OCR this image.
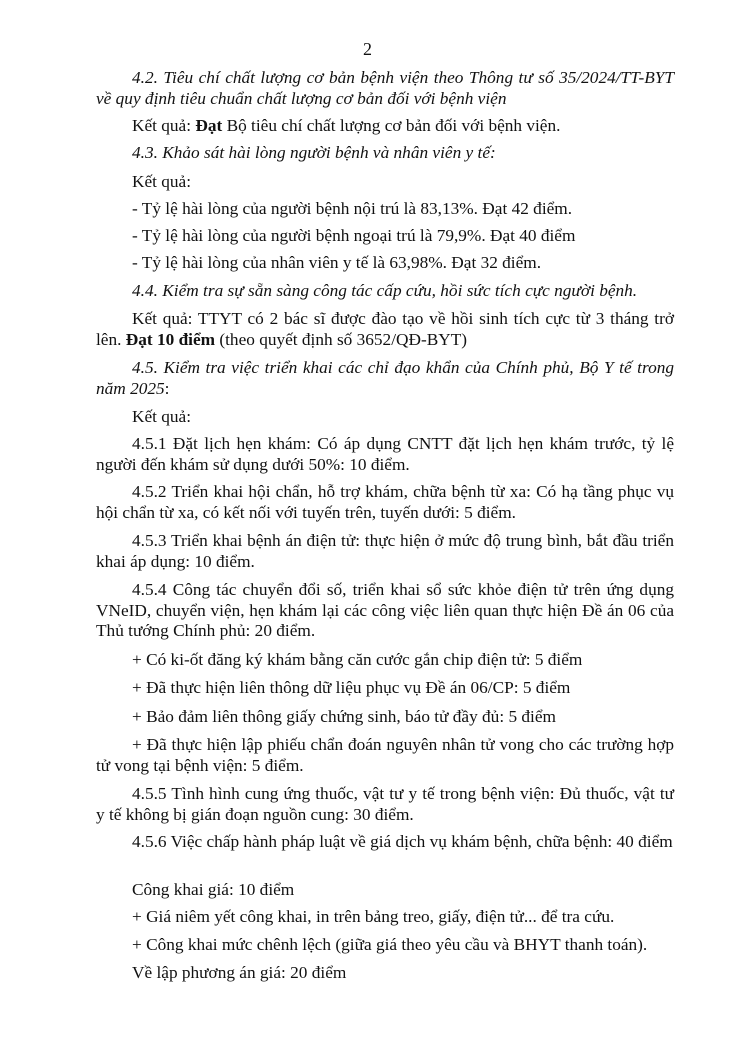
2
4.2. Tiêu chí chất lượng cơ bản bệnh viện theo Thông tư số 35/2024/TT-BYT về quy định tiêu chuẩn chất lượng cơ bản đối với bệnh viện
Kết quả: Đạt Bộ tiêu chí chất lượng cơ bản đối với bệnh viện.
4.3. Khảo sát hài lòng người bệnh và nhân viên y tế:
Kết quả:
- Tỷ lệ hài lòng của người bệnh nội trú là 83,13%. Đạt 42 điểm.
- Tỷ lệ hài lòng của người bệnh ngoại trú là 79,9%. Đạt 40 điểm
- Tỷ lệ hài lòng của nhân viên y tế là 63,98%. Đạt 32 điểm.
4.4. Kiểm tra sự sẵn sàng công tác cấp cứu, hồi sức tích cực người bệnh.
Kết quả: TTYT có 2 bác sĩ được đào tạo về hồi sinh tích cực từ 3 tháng trở lên. Đạt 10 điểm (theo quyết định số 3652/QĐ-BYT)
4.5. Kiểm tra việc triển khai các chỉ đạo khẩn của Chính phủ, Bộ Y tế trong năm 2025:
Kết quả:
4.5.1 Đặt lịch hẹn khám: Có áp dụng CNTT đặt lịch hẹn khám trước, tỷ lệ người đến khám sử dụng dưới 50%: 10 điểm.
4.5.2 Triển khai hội chẩn, hỗ trợ khám, chữa bệnh từ xa: Có hạ tầng phục vụ hội chẩn từ xa, có kết nối với tuyến trên, tuyến dưới: 5 điểm.
4.5.3 Triển khai bệnh án điện tử: thực hiện ở mức độ trung bình, bắt đầu triển khai áp dụng: 10 điểm.
4.5.4 Công tác chuyển đổi số, triển khai sổ sức khỏe điện tử trên ứng dụng VNeID, chuyển viện, hẹn khám lại các công việc liên quan thực hiện Đề án 06 của Thủ tướng Chính phủ: 20 điểm.
+ Có ki-ốt đăng ký khám bằng căn cước gắn chip điện tử: 5 điểm
+ Đã thực hiện liên thông dữ liệu phục vụ Đề án 06/CP: 5 điểm
+ Bảo đảm liên thông giấy chứng sinh, báo tử đầy đủ: 5 điểm
+ Đã thực hiện lập phiếu chẩn đoán nguyên nhân tử vong cho các trường hợp tử vong tại bệnh viện: 5 điểm.
4.5.5 Tình hình cung ứng thuốc, vật tư y tế trong bệnh viện: Đủ thuốc, vật tư y tế không bị gián đoạn nguồn cung: 30 điểm.
4.5.6 Việc chấp hành pháp luật về giá dịch vụ khám bệnh, chữa bệnh: 40 điểm
Công khai giá: 10 điểm
+ Giá niêm yết công khai, in trên bảng treo, giấy, điện tử... để tra cứu.
+ Công khai mức chênh lệch (giữa giá theo yêu cầu và BHYT thanh toán).
Về lập phương án giá: 20 điểm
